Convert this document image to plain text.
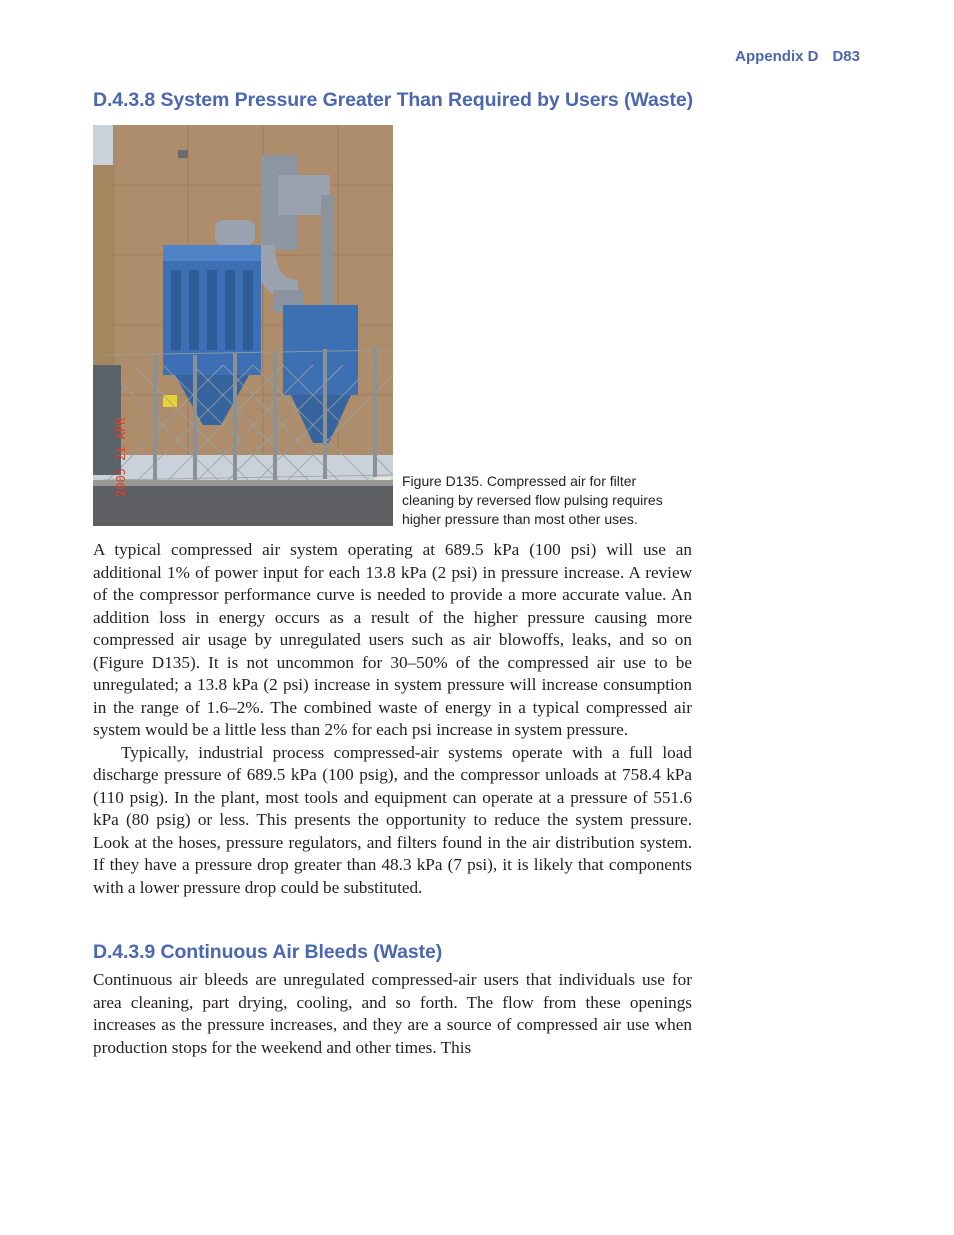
Appendix D D83
D.4.3.8 System Pressure Greater Than Required by Users (Waste)
2005 21 APR	Figure D135. Compressed air for filter cleaning by reversed flow pulsing requires higher pressure than most other uses.

A typical compressed air system operating at 689.5 kPa (100 psi) will use an additional 1% of power input for each 13.8 kPa (2 psi) in pressure increase. A review of the compressor performance curve is needed to provide a more accurate value. An addition loss in energy occurs as a result of the higher pressure causing more compressed air usage by unregulated users such as air blowoffs, leaks, and so on (Figure D135). It is not uncommon for 30–50% of the compressed air use to be unregulated; a 13.8 kPa (2 psi) increase in system pressure will increase consumption in the range of 1.6–2%. The combined waste of energy in a typical compressed air system would be a little less than 2% for each psi increase in system pressure.

Typically, industrial process compressed-air systems operate with a full load discharge pressure of 689.5 kPa (100 psig), and the compressor unloads at 758.4 kPa (110 psig). In the plant, most tools and equipment can operate at a pressure of 551.6 kPa (80 psig) or less. This presents the opportunity to reduce the system pressure. Look at the hoses, pressure regulators, and filters found in the air distribution system. If they have a pressure drop greater than 48.3 kPa (7 psi), it is likely that components with a lower pressure drop could be substituted.

D.4.3.9 Continuous Air Bleeds (Waste)

Continuous air bleeds are unregulated compressed-air users that individuals use for area cleaning, part drying, cooling, and so forth. The flow from these openings increases as the pressure increases, and they are a source of compressed air use when production stops for the weekend and other times. This
